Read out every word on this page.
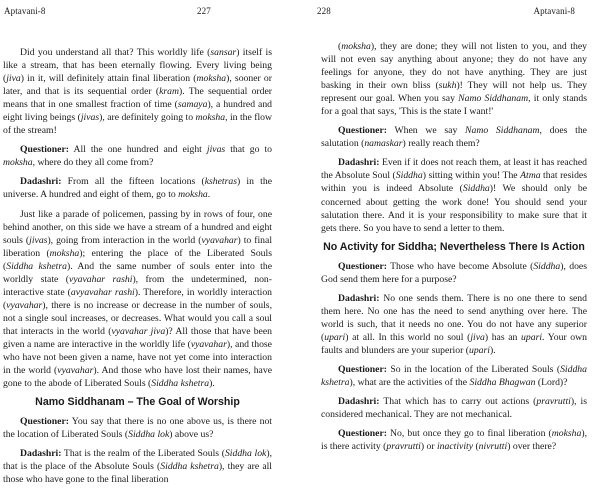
Aptavani-8	227

Did you understand all that? This worldly life (sansar) itself is like a stream, that has been eternally flowing. Every living being (jiva) in it, will definitely attain final liberation (moksha), sooner or later, and that is its sequential order (kram). The sequential order means that in one smallest fraction of time (samaya), a hundred and eight living beings (jivas), are definitely going to moksha, in the flow of the stream!

Questioner: All the one hundred and eight jivas that go to moksha, where do they all come from?

Dadashri: From all the fifteen locations (kshetras) in the universe. A hundred and eight of them, go to moksha.

Just like a parade of policemen, passing by in rows of four, one behind another, on this side we have a stream of a hundred and eight souls (jivas), going from interaction in the world (vyavahar) to final liberation (moksha); entering the place of the Liberated Souls (Siddha kshetra). And the same number of souls enter into the worldly state (vyavahar rashi), from the undetermined, non-interactive state (avyavahar rashi). Therefore, in worldly interaction (vyavahar), there is no increase or decrease in the number of souls, not a single soul increases, or decreases. What would you call a soul that interacts in the world (vyavahar jiva)? All those that have been given a name are interactive in the worldly life (vyavahar), and those who have not been given a name, have not yet come into interaction in the world (vyavahar). And those who have lost their names, have gone to the abode of Liberated Souls (Siddha kshetra).

Namo Siddhanam – The Goal of Worship

Questioner: You say that there is no one above us, is there not the location of Liberated Souls (Siddha lok) above us?

Dadashri: That is the realm of the Liberated Souls (Siddha lok), that is the place of the Absolute Souls (Siddha kshetra), they are all those who have gone to the final liberation

228	Aptavani-8

(moksha), they are done; they will not listen to you, and they will not even say anything about anyone; they do not have any feelings for anyone, they do not have anything. They are just basking in their own bliss (sukh)! They will not help us. They represent our goal. When you say Namo Siddhanam, it only stands for a goal that says, 'This is the state I want!'

Questioner: When we say Namo Siddhanam, does the salutation (namaskar) really reach them?

Dadashri: Even if it does not reach them, at least it has reached the Absolute Soul (Siddha) sitting within you! The Atma that resides within you is indeed Absolute (Siddha)! We should only be concerned about getting the work done! You should send your salutation there. And it is your responsibility to make sure that it gets there. So you have to send a letter to them.

No Activity for Siddha; Nevertheless There Is Action

Questioner: Those who have become Absolute (Siddha), does God send them here for a purpose?

Dadashri: No one sends them. There is no one there to send them here. No one has the need to send anything over here. The world is such, that it needs no one. You do not have any superior (upari) at all. In this world no soul (jiva) has an upari. Your own faults and blunders are your superior (upari).

Questioner: So in the location of the Liberated Souls (Siddha kshetra), what are the activities of the Siddha Bhagwan (Lord)?

Dadashri: That which has to carry out actions (pravrutti), is considered mechanical. They are not mechanical.

Questioner: No, but once they go to final liberation (moksha), is there activity (pravrutti) or inactivity (nivrutti) over there?
